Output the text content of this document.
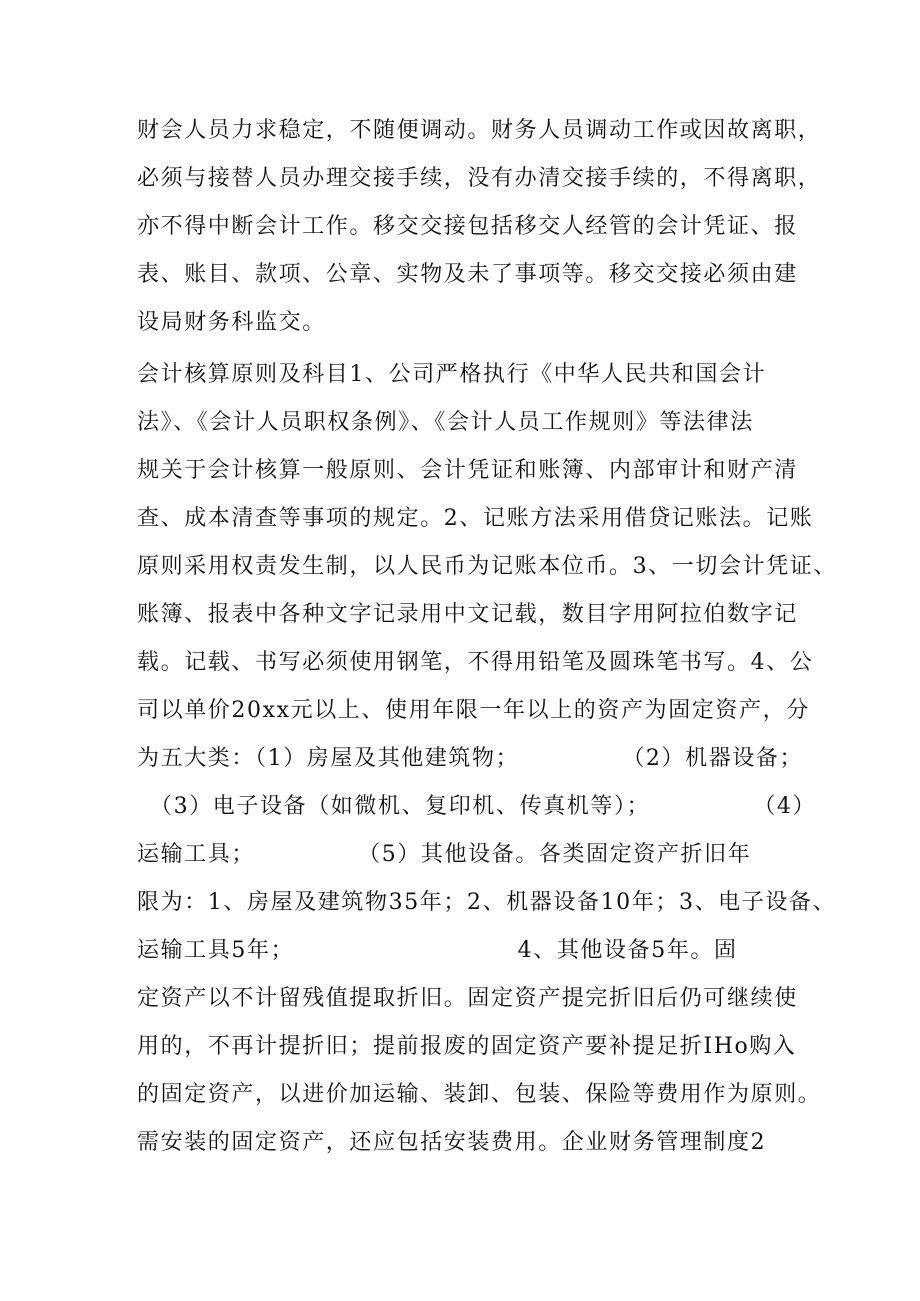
财会人员力求稳定，不随便调动。财务人员调动工作或因故离职，
必须与接替人员办理交接手续，没有办清交接手续的，不得离职，
亦不得中断会计工作。移交交接包括移交人经管的会计凭证、报
表、账目、款项、公章、实物及未了事项等。移交交接必须由建
设局财务科监交。
会计核算原则及科目1、公司严格执行《中华人民共和国会计
法》、《会计人员职权条例》、《会计人员工作规则》等法律法
规关于会计核算一般原则、会计凭证和账簿、内部审计和财产清
查、成本清查等事项的规定。2、记账方法采用借贷记账法。记账
原则采用权责发生制，以人民币为记账本位币。3、一切会计凭证、
账簿、报表中各种文字记录用中文记载，数目字用阿拉伯数字记
载。记载、书写必须使用钢笔，不得用铅笔及圆珠笔书写。4、公
司以单价20xx元以上、使用年限一年以上的资产为固定资产，分
为五大类：（1）房屋及其他建筑物；            （2）机器设备；
（3）电子设备（如微机、复印机、传真机等）；            （4）
运输工具；            （5）其他设备。各类固定资产折旧年
限为：1、房屋及建筑物35年；2、机器设备10年；3、电子设备、
运输工具5年；                          4、其他设备5年。固
定资产以不计留残值提取折旧。固定资产提完折旧后仍可继续使
用的，不再计提折旧；提前报废的固定资产要补提足折IHo购入
的固定资产，以进价加运输、装卸、包装、保险等费用作为原则。
需安装的固定资产，还应包括安装费用。企业财务管理制度2
